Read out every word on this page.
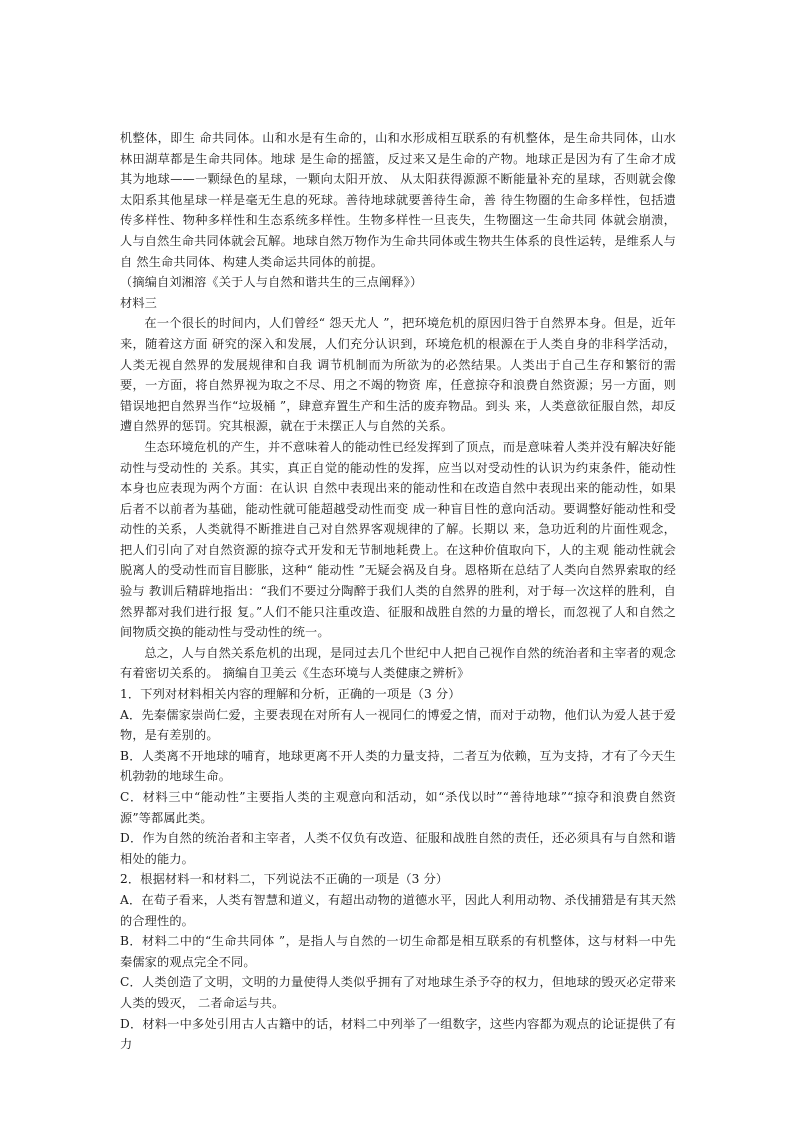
机整体，即生 命共同体。山和水是有生命的，山和水形成相互联系的有机整体，是生命共同体，山水林田湖草都是生命共同体。地球 是生命的摇篮，反过来又是生命的产物。地球正是因为有了生命才成其为地球——一颗绿色的星球，一颗向太阳开放、 从太阳获得源源不断能量补充的星球，否则就会像太阳系其他星球一样是毫无生息的死球。善待地球就要善待生命，善 待生物圈的生命多样性，包括遗传多样性、物种多样性和生态系统多样性。生物多样性一旦丧失，生物圈这一生命共同 体就会崩溃，人与自然生命共同体就会瓦解。地球自然万物作为生命共同体或生物共生体系的良性运转，是维系人与自 然生命共同体、构建人类命运共同体的前提。

（摘编自刘湘溶《关于人与自然和谐共生的三点阐释》）

材料三

在一个很长的时间内，人们曾经“ 怨天尤人 ”，把环境危机的原因归咎于自然界本身。但是，近年来，随着这方面 研究的深入和发展，人们充分认识到，环境危机的根源在于人类自身的非科学活动，人类无视自然界的发展规律和自我 调节机制而为所欲为的必然结果。人类出于自己生存和繁衍的需要，一方面，将自然界视为取之不尽、用之不竭的物资 库，任意掠夺和浪费自然资源；另一方面，则错误地把自然界当作“垃圾桶 ”，肆意弃置生产和生活的废弃物品。到头 来，人类意欲征服自然，却反遭自然界的惩罚。究其根源，就在于未摆正人与自然的关系。

生态环境危机的产生，并不意味着人的能动性已经发挥到了顶点，而是意味着人类并没有解决好能动性与受动性的 关系。其实，真正自觉的能动性的发挥，应当以对受动性的认识为约束条件，能动性本身也应表现为两个方面：在认识 自然中表现出来的能动性和在改造自然中表现出来的能动性，如果后者不以前者为基础，能动性就可能超越受动性而变 成一种盲目性的意向活动。要调整好能动性和受动性的关系，人类就得不断推进自己对自然界客观规律的了解。长期以 来，急功近利的片面性观念，把人们引向了对自然资源的掠夺式开发和无节制地耗费上。在这种价值取向下，人的主观 能动性就会脱离人的受动性而盲目膨胀，这种“ 能动性 ”无疑会祸及自身。恩格斯在总结了人类向自然界索取的经验与 教训后精辟地指出：“我们不要过分陶醉于我们人类的自然界的胜利，对于每一次这样的胜利，自然界都对我们进行报 复。”人们不能只注重改造、征服和战胜自然的力量的增长，而忽视了人和自然之间物质交换的能动性与受动性的统一。

总之，人与自然关系危机的出现，是同过去几个世纪中人把自己视作自然的统治者和主宰者的观念有着密切关系的。 摘编自卫美云《生态环境与人类健康之辨析》

1．下列对材料相关内容的理解和分析，正确的一项是（3 分）

A．先秦儒家崇尚仁爱，主要表现在对所有人一视同仁的博爱之情，而对于动物，他们认为爱人甚于爱物，是有差别的。

B．人类离不开地球的哺育，地球更离不开人类的力量支持，二者互为依赖，互为支持，才有了今天生机勃勃的地球生命。

C．材料三中“能动性”主要指人类的主观意向和活动，如“杀伐以时”“善待地球”“掠夺和浪费自然资源”等都属此类。

D．作为自然的统治者和主宰者，人类不仅负有改造、征服和战胜自然的责任，还必须具有与自然和谐相处的能力。

2．根据材料一和材料二，下列说法不正确的一项是（3 分）

A．在荀子看来，人类有智慧和道义，有超出动物的道德水平，因此人利用动物、杀伐捕猎是有其天然的合理性的。

B．材料二中的“生命共同体 ”，是指人与自然的一切生命都是相互联系的有机整体，这与材料一中先秦儒家的观点完全不同。

C．人类创造了文明，文明的力量使得人类似乎拥有了对地球生杀予夺的权力，但地球的毁灭必定带来人类的毁灭， 二者命运与共。

D．材料一中多处引用古人古籍中的话，材料二中列举了一组数字，这些内容都为观点的论证提供了有力
